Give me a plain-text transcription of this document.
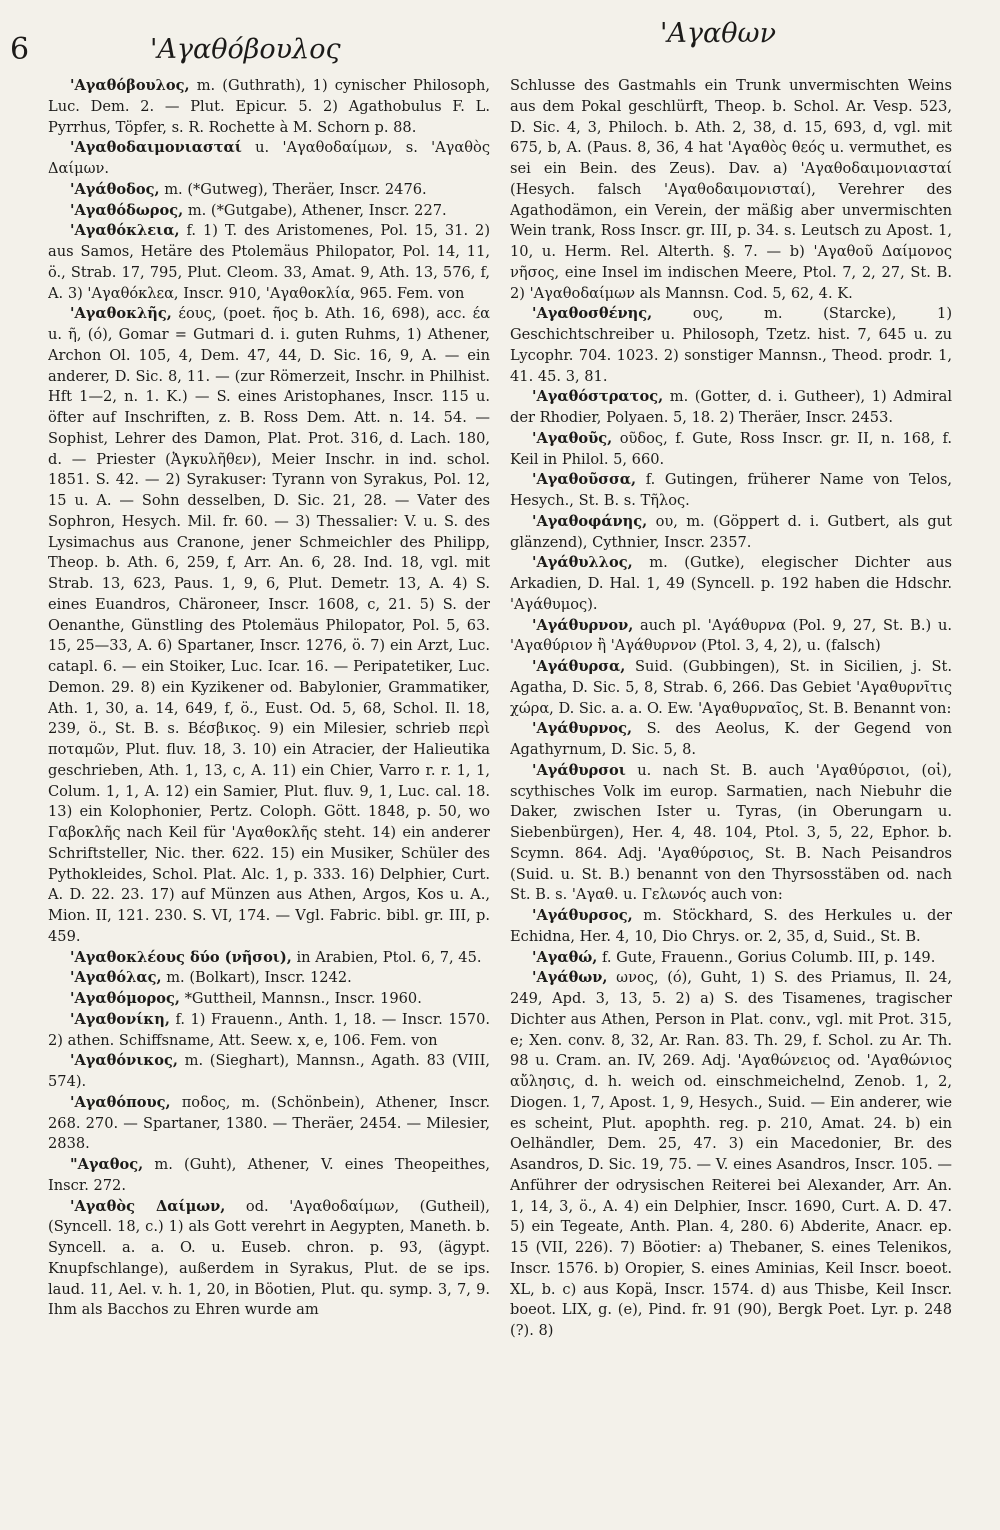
6	'Αγαθόβουλος
'Αγαθων

'Αγαθόβουλος, m. (Guthrath), 1) cynischer Philosoph, Luc. Dem. 2. — Plut. Epicur. 5. 2) Agathobulus F. L. Pyrrhus, Töpfer, s. R. Rochette à M. Schorn p. 88.

'Αγαθοδαιμονιασταί u. 'Αγαθοδαίμων, s. 'Αγαθὸς Δαίμων.

'Αγάθοδος, m. (*Gutweg), Theräer, Inscr. 2476.

'Αγαθόδωρος, m. (*Gutgabe), Athener, Inscr. 227.

'Αγαθόκλεια, f. 1) T. des Aristomenes, Pol. 15, 31. 2) aus Samos, Hetäre des Ptolemäus Philopator, Pol. 14, 11, ö., Strab. 17, 795, Plut. Cleom. 33, Amat. 9, Ath. 13, 576, f, A. 3) 'Αγαθόκλεα, Inscr. 910, 'Αγαθοκλία, 965. Fem. von

'Αγαθοκλῆς, έους, (poet. ῆος b. Ath. 16, 698), acc. έα u. ῆ, (ό), Gomar = Gutmari d. i. guten Ruhms, 1) Athener, Archon Ol. 105, 4, Dem. 47, 44, D. Sic. 16, 9, A. — ein anderer, D. Sic. 8, 11. — (zur Römerzeit, Inschr. in Philhist. Hft 1—2, n. 1. K.) — S. eines Aristophanes, Inscr. 115 u. öfter auf Inschriften, z. B. Ross Dem. Att. n. 14. 54. — Sophist, Lehrer des Damon, Plat. Prot. 316, d. Lach. 180, d. — Priester (Ἀγκυλῆθεν), Meier Inschr. in ind. schol. 1851. S. 42. — 2) Syrakuser: Tyrann von Syrakus, Pol. 12, 15 u. A. — Sohn desselben, D. Sic. 21, 28. — Vater des Sophron, Hesych. Mil. fr. 60. — 3) Thessalier: V. u. S. des Lysimachus aus Cranone, jener Schmeichler des Philipp, Theop. b. Ath. 6, 259, f, Arr. An. 6, 28. Ind. 18, vgl. mit Strab. 13, 623, Paus. 1, 9, 6, Plut. Demetr. 13, A. 4) S. eines Euandros, Chäroneer, Inscr. 1608, c, 21. 5) S. der Oenanthe, Günstling des Ptolemäus Philopator, Pol. 5, 63. 15, 25—33, A. 6) Spartaner, Inscr. 1276, ö. 7) ein Arzt, Luc. catapl. 6. — ein Stoiker, Luc. Icar. 16. — Peripatetiker, Luc. Demon. 29. 8) ein Kyzikener od. Babylonier, Grammatiker, Ath. 1, 30, a. 14, 649, f, ö., Eust. Od. 5, 68, Schol. Il. 18, 239, ö., St. B. s. Βέσβικος. 9) ein Milesier, schrieb περὶ ποταμῶν, Plut. fluv. 18, 3. 10) ein Atracier, der Halieutika geschrieben, Ath. 1, 13, c, A. 11) ein Chier, Varro r. r. 1, 1, Colum. 1, 1, A. 12) ein Samier, Plut. fluv. 9, 1, Luc. cal. 18. 13) ein Kolophonier, Pertz. Coloph. Gött. 1848, p. 50, wo Γαβοκλῆς nach Keil für 'Αγαθοκλῆς steht. 14) ein anderer Schriftsteller, Nic. ther. 622. 15) ein Musiker, Schüler des Pythokleides, Schol. Plat. Alc. 1, p. 333. 16) Delphier, Curt. A. D. 22. 23. 17) auf Münzen aus Athen, Argos, Kos u. A., Mion. II, 121. 230. S. VI, 174. — Vgl. Fabric. bibl. gr. III, p. 459.

'Αγαθοκλέους δύο (νῆσοι), in Arabien, Ptol. 6, 7, 45.

'Αγαθόλας, m. (Bolkart), Inscr. 1242.

'Αγαθόμορος, *Guttheil, Mannsn., Inscr. 1960.

'Αγαθονίκη, f. 1) Frauenn., Anth. 1, 18. — Inscr. 1570. 2) athen. Schiffsname, Att. Seew. x, e, 106. Fem. von

'Αγαθόνικος, m. (Sieghart), Mannsn., Agath. 83 (VIII, 574).

'Αγαθόπους, ποδος, m. (Schönbein), Athener, Inscr. 268. 270. — Spartaner, 1380. — Theräer, 2454. — Milesier, 2838.

"Αγαθος, m. (Guht), Athener, V. eines Theopeithes, Inscr. 272.

'Αγαθὸς Δαίμων, od. 'Αγαθοδαίμων, (Gutheil), (Syncell. 18, c.) 1) als Gott verehrt in Aegypten, Maneth. b. Syncell. a. a. O. u. Euseb. chron. p. 93, (ägypt. Knupfschlange), außerdem in Syrakus, Plut. de se ips. laud. 11, Ael. v. h. 1, 20, in Böotien, Plut. qu. symp. 3, 7, 9. Ihm als Bacchos zu Ehren wurde am

Schlusse des Gastmahls ein Trunk unvermischten Weins aus dem Pokal geschlürft, Theop. b. Schol. Ar. Vesp. 523, D. Sic. 4, 3, Philoch. b. Ath. 2, 38, d. 15, 693, d, vgl. mit 675, b, A. (Paus. 8, 36, 4 hat 'Αγαθὸς θεός u. vermuthet, es sei ein Bein. des Zeus). Dav. a) 'Αγαθοδαιμονιασταί (Hesych. falsch 'Αγαθοδαιμονισταί), Verehrer des Agathodämon, ein Verein, der mäßig aber unvermischten Wein trank, Ross Inscr. gr. III, p. 34. s. Leutsch zu Apost. 1, 10, u. Herm. Rel. Alterth. §. 7. — b) 'Αγαθοῦ Δαίμονος νῆσος, eine Insel im indischen Meere, Ptol. 7, 2, 27, St. B. 2) 'Αγαθοδαίμων als Mannsn. Cod. 5, 62, 4. K.

'Αγαθοσθένης,	ους, m. (Starcke), 1) Geschichtschreiber u. Philosoph, Tzetz. hist. 7, 645 u. zu Lycophr. 704. 1023. 2) sonstiger Mannsn., Theod. prodr. 1, 41. 45. 3, 81.

'Αγαθόστρατος, m. (Gotter, d. i. Gutheer), 1) Admiral der Rhodier, Polyaen. 5, 18. 2) Theräer, Inscr. 2453.

'Αγαθοῦς, οῦδος, f. Gute, Ross Inscr. gr. II, n. 168, f. Keil in Philol. 5, 660.

'Αγαθοῦσσα, f. Gutingen, früherer Name von Telos, Hesych., St. B. s. Τῆλος.

'Αγαθοφάνης, ου, m. (Göppert d. i. Gutbert, als gut glänzend), Cythnier, Inscr. 2357.

'Αγάθυλλος, m. (Gutke), elegischer Dichter aus Arkadien, D. Hal. 1, 49 (Syncell. p. 192 haben die Hdschr. 'Αγάθυμος).

'Αγάθυρνον, auch pl. 'Αγάθυρνα (Pol. 9, 27, St. B.) u. 'Αγαθύριον ἢ 'Αγάθυρνον (Ptol. 3, 4, 2), u. (falsch)

'Αγάθυρσα, Suid. (Gubbingen), St. in Sicilien, j. St. Agatha, D. Sic. 5, 8, Strab. 6, 266. Das Gebiet 'Αγαθυρνῖτις χώρα, D. Sic. a. a. O. Ew. 'Αγαθυρναῖος, St. B. Benannt von:

'Αγάθυρνος, S. des Aeolus, K. der Gegend von Agathyrnum, D. Sic. 5, 8.

'Αγάθυρσοι u. nach St. B. auch 'Αγαθύρσιοι, (οἱ), scythisches Volk im europ. Sarmatien, nach Niebuhr die Daker, zwischen Ister u. Tyras, (in Oberungarn u. Siebenbürgen), Her. 4, 48. 104, Ptol. 3, 5, 22, Ephor. b. Scymn. 864. Adj. 'Αγαθύρσιος, St. B. Nach Peisandros (Suid. u. St. B.) benannt von den Thyrsosstäben od. nach St. B. s. 'Αγαθ. u. Γελωνός auch von:

'Αγάθυρσος, m. Stöckhard, S. des Herkules u. der Echidna, Her. 4, 10, Dio Chrys. or. 2, 35, d, Suid., St. B.

'Αγαθώ, f. Gute, Frauenn., Gorius Columb. III, p. 149.

'Αγάθων, ωνος, (ό), Guht, 1) S. des Priamus, Il. 24, 249, Apd. 3, 13, 5. 2) a) S. des Tisamenes, tragischer Dichter aus Athen, Person in Plat. conv., vgl. mit Prot. 315, e; Xen. conv. 8, 32, Ar. Ran. 83. Th. 29, f. Schol. zu Ar. Th. 98 u. Cram. an. IV, 269. Adj. 'Αγαθώνειος od. 'Αγαθώνιος αὔλησις, d. h. weich od. einschmeichelnd, Zenob. 1, 2, Diogen. 1, 7, Apost. 1, 9, Hesych., Suid. — Ein anderer, wie es scheint, Plut. apophth. reg. p. 210, Amat. 24. b) ein Oelhändler, Dem. 25, 47. 3) ein Macedonier, Br. des Asandros, D. Sic. 19, 75. — V. eines Asandros, Inscr. 105. — Anführer der odrysischen Reiterei bei Alexander, Arr. An. 1, 14, 3, ö., A. 4) ein Delphier, Inscr. 1690, Curt. A. D. 47. 5) ein Tegeate, Anth. Plan. 4, 280. 6) Abderite, Anacr. ep. 15 (VII, 226). 7) Böotier: a) Thebaner, S. eines Telenikos, Inscr. 1576. b) Oropier, S. eines Aminias, Keil Inscr. boeot. XL, b. c) aus Kopä, Inscr. 1574. d) aus Thisbe, Keil Inscr. boeot. LIX, g. (e), Pind. fr. 91 (90), Bergk Poet. Lyr. p. 248 (?). 8)
